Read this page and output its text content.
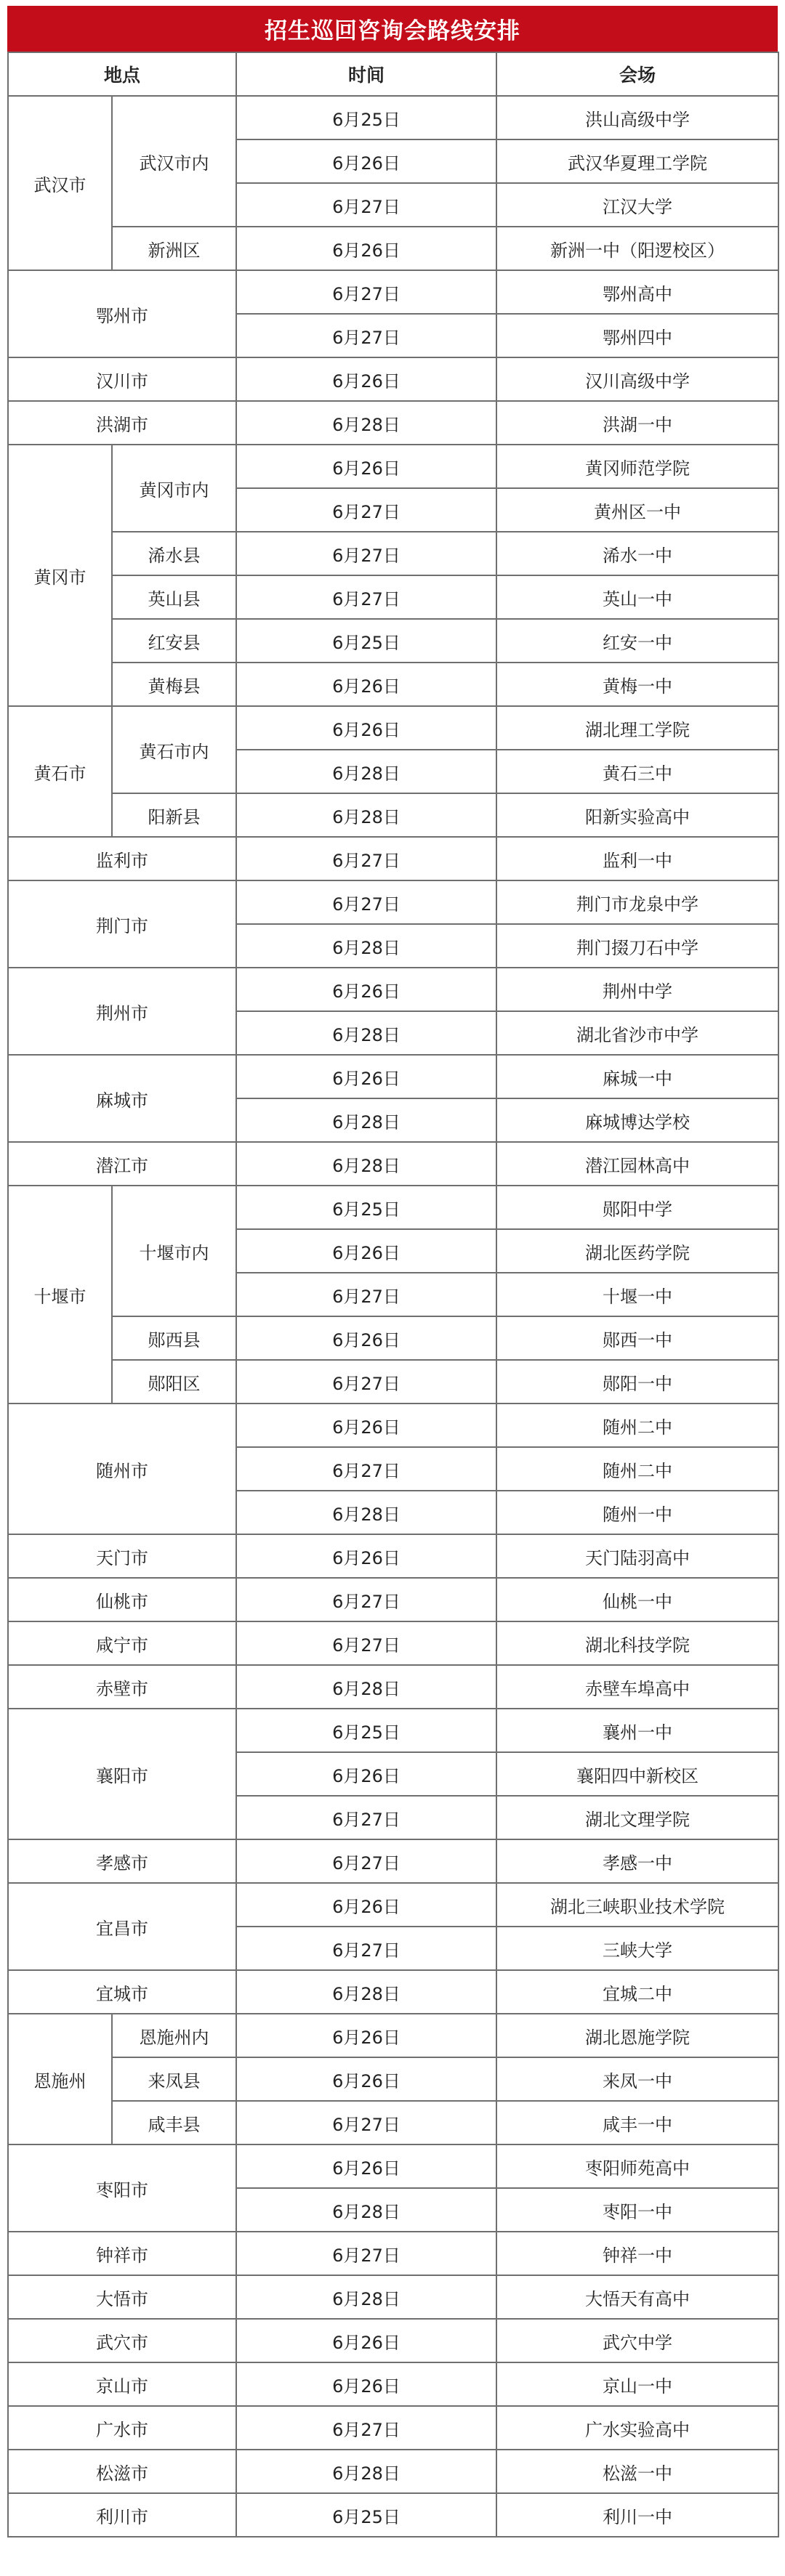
招生巡回咨询会路线安排
地点		时间	会场
武汉市	武汉市内	6月25日	洪山高级中学
		6月26日	武汉华夏理工学院
		6月27日	江汉大学
	新洲区	6月26日	新洲一中（阳逻校区）
鄂州市		6月27日	鄂州高中
		6月27日	鄂州四中
汉川市		6月26日	汉川高级中学
洪湖市		6月28日	洪湖一中
黄冈市	黄冈市内	6月26日	黄冈师范学院
		6月27日	黄州区一中
	浠水县	6月27日	浠水一中
	英山县	6月27日	英山一中
	红安县	6月25日	红安一中
	黄梅县	6月26日	黄梅一中
黄石市	黄石市内	6月26日	湖北理工学院
		6月28日	黄石三中
	阳新县	6月28日	阳新实验高中
监利市		6月27日	监利一中
荆门市		6月27日	荆门市龙泉中学
		6月28日	荆门掇刀石中学
荆州市		6月26日	荆州中学
		6月28日	湖北省沙市中学
麻城市		6月26日	麻城一中
		6月28日	麻城博达学校
潜江市		6月28日	潜江园林高中
十堰市	十堰市内	6月25日	郧阳中学
		6月26日	湖北医药学院
		6月27日	十堰一中
	郧西县	6月26日	郧西一中
	郧阳区	6月27日	郧阳一中
随州市		6月26日	随州二中
		6月27日	随州二中
		6月28日	随州一中
天门市		6月26日	天门陆羽高中
仙桃市		6月27日	仙桃一中
咸宁市		6月27日	湖北科技学院
赤壁市		6月28日	赤壁车埠高中
襄阳市		6月25日	襄州一中
		6月26日	襄阳四中新校区
		6月27日	湖北文理学院
孝感市		6月27日	孝感一中
宜昌市		6月26日	湖北三峡职业技术学院
		6月27日	三峡大学
宜城市		6月28日	宜城二中
恩施州	恩施州内	6月26日	湖北恩施学院
	来凤县	6月26日	来凤一中
	咸丰县	6月27日	咸丰一中
枣阳市		6月26日	枣阳师苑高中
		6月28日	枣阳一中
钟祥市		6月27日	钟祥一中
大悟市		6月28日	大悟天有高中
武穴市		6月26日	武穴中学
京山市		6月26日	京山一中
广水市		6月27日	广水实验高中
松滋市		6月28日	松滋一中
利川市		6月25日	利川一中
